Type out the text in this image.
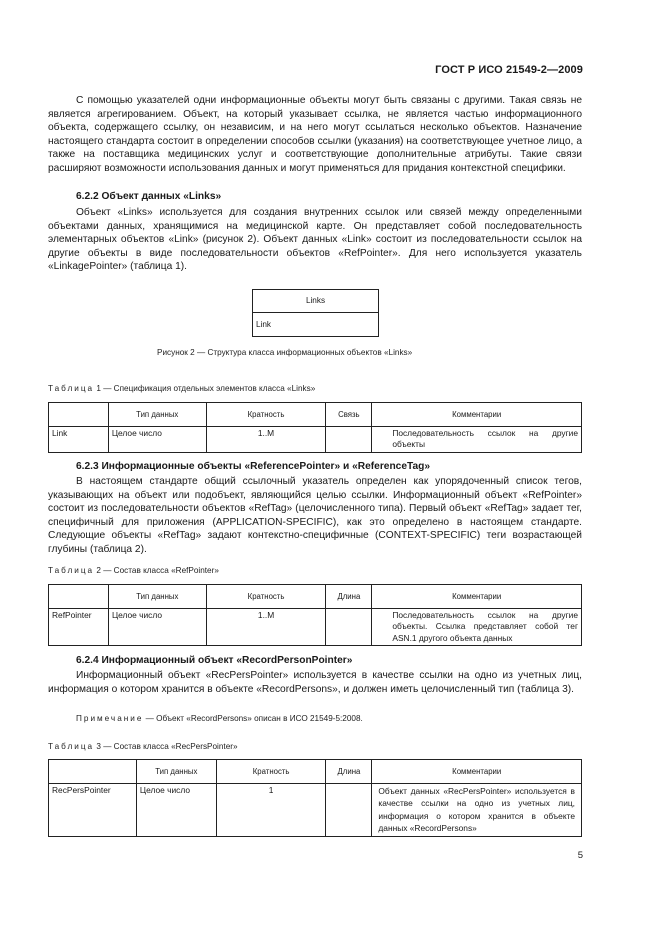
ГОСТ Р ИСО 21549-2—2009

С помощью указателей одни информационные объекты могут быть связаны с другими. Такая связь не является агрегированием. Объект, на который указывает ссылка, не является частью информационного объекта, содержащего ссылку, он независим, и на него могут ссылаться несколько объектов. Назначение настоящего стандарта состоит в определении способов ссылки (указания) на соответствующее учетное лицо, а также на поставщика медицинских услуг и соответствующие дополнительные атрибуты. Такие связи расширяют возможности использования данных и могут применяться для придания контекстной специфики.

6.2.2 Объект данных «Links»

Объект «Links» используется для создания внутренних ссылок или связей между определенными объектами данных, хранящимися на медицинской карте. Он представляет собой последовательность элементарных объектов «Link» (рисунок 2). Объект данных «Link» состоит из последовательности ссылок на другие объекты в виде последовательности объектов «RefPointer». Для него используется указатель «LinkagePointer» (таблица 1).

Links
Link
Рисунок 2 — Структура класса информационных объектов «Links»
Таблица 1 — Спецификация отдельных элементов класса «Links»
	Тип данных	Кратность	Связь	Комментарии
Link	Целое число	1..M		Последовательность ссылок на другие объекты
6.2.3 Информационные объекты «ReferencePointer» и «ReferenceTag»

В настоящем стандарте общий ссылочный указатель определен как упорядоченный список тегов, указывающих на объект или подобъект, являющийся целью ссылки. Информационный объект «RefPointer» состоит из последовательности объектов «RefTag» (целочисленного типа). Первый объект «RefTag» задает тег, специфичный для приложения (APPLICATION-SPECIFIC), как это определено в настоящем стандарте. Следующие объекты «RefTag» задают контекстно-специфичные (CONTEXT-SPECIFIC) теги возрастающей глубины (таблица 2).

Таблица 2 — Состав класса «RefPointer»
	Тип данных	Кратность	Длина	Комментарии
RefPointer	Целое число	1..M		Последовательность ссылок на другие объекты. Ссылка представляет собой тег ASN.1 другого объекта данных
6.2.4 Информационный объект «RecordPersonPointer»

Информационный объект «RecPersPointer» используется в качестве ссылки на одно из учетных лиц, информация о котором хранится в объекте «RecordPersons», и должен иметь целочисленный тип (таблица 3).

Примечание — Объект «RecordPersons» описан в ИСО 21549-5:2008.
Таблица 3 — Состав класса «RecPersPointer»
	Тип данных	Кратность	Длина	Комментарии
RecPersPointer	Целое число	1		Объект данных «RecPersPointer» используется в качестве ссылки на одно из учетных лиц, информация о котором хранится в объекте данных «RecordPersons»
5
